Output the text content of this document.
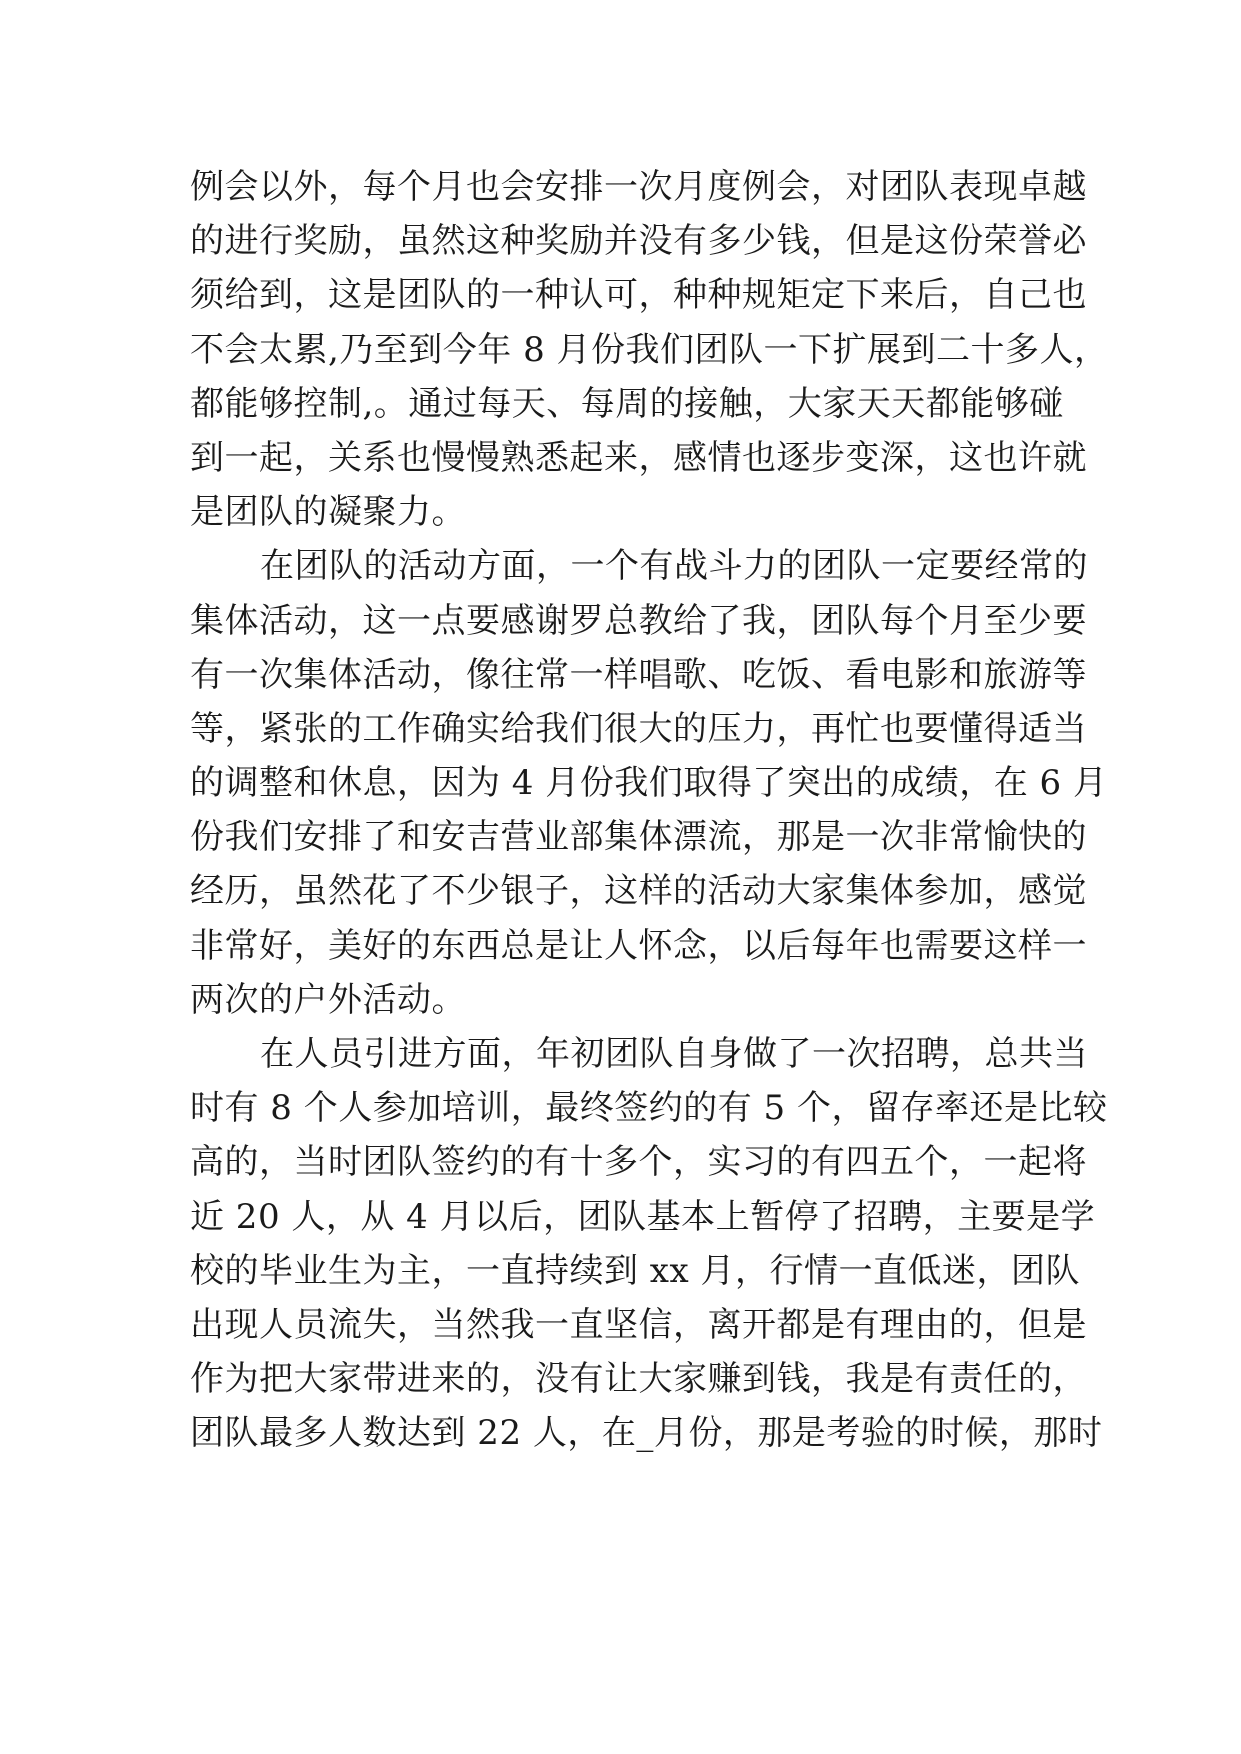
例会以外，每个月也会安排一次月度例会，对团队表现卓越
的进行奖励，虽然这种奖励并没有多少钱，但是这份荣誉必
须给到，这是团队的一种认可，种种规矩定下来后，自己也
不会太累,乃至到今年 8 月份我们团队一下扩展到二十多人，
都能够控制,。通过每天、每周的接触，大家天天都能够碰
到一起，关系也慢慢熟悉起来，感情也逐步变深，这也许就
是团队的凝聚力。
在团队的活动方面，一个有战斗力的团队一定要经常的
集体活动，这一点要感谢罗总教给了我，团队每个月至少要
有一次集体活动，像往常一样唱歌、吃饭、看电影和旅游等
等，紧张的工作确实给我们很大的压力，再忙也要懂得适当
的调整和休息，因为 4 月份我们取得了突出的成绩，在 6 月
份我们安排了和安吉营业部集体漂流，那是一次非常愉快的
经历，虽然花了不少银子，这样的活动大家集体参加，感觉
非常好，美好的东西总是让人怀念，以后每年也需要这样一
两次的户外活动。
在人员引进方面，年初团队自身做了一次招聘，总共当
时有 8 个人参加培训，最终签约的有 5 个，留存率还是比较
高的，当时团队签约的有十多个，实习的有四五个，一起将
近 20 人，从 4 月以后，团队基本上暂停了招聘，主要是学
校的毕业生为主，一直持续到 xx 月，行情一直低迷，团队
出现人员流失，当然我一直坚信，离开都是有理由的，但是
作为把大家带进来的，没有让大家赚到钱，我是有责任的，
团队最多人数达到 22 人，在_月份，那是考验的时候，那时
